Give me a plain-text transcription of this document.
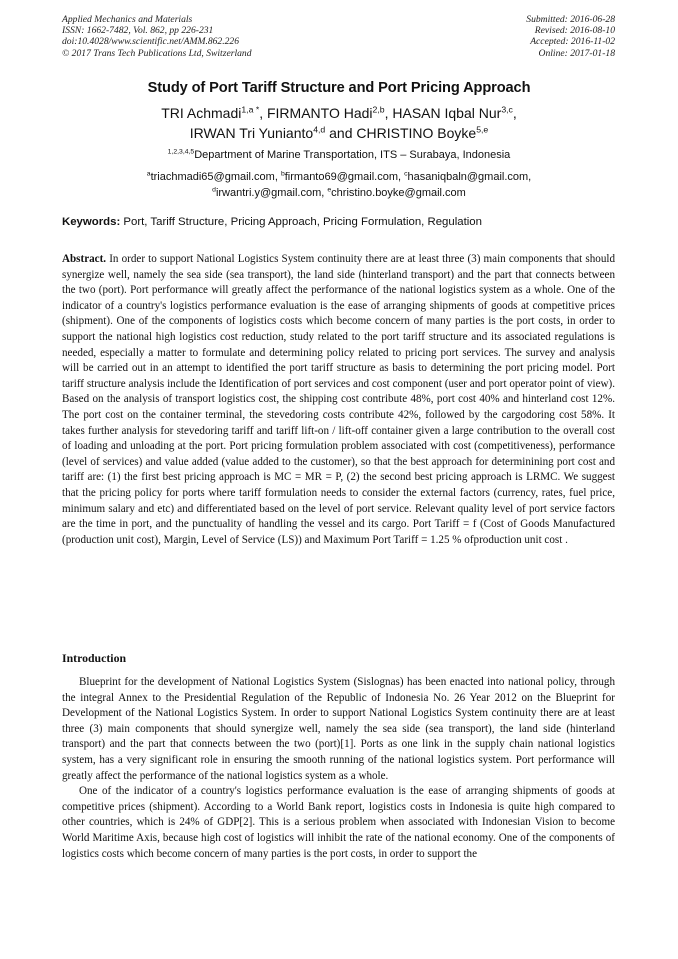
Applied Mechanics and Materials
ISSN: 1662-7482, Vol. 862, pp 226-231
doi:10.4028/www.scientific.net/AMM.862.226
© 2017 Trans Tech Publications Ltd, Switzerland
Submitted: 2016-06-28
Revised: 2016-08-10
Accepted: 2016-11-02
Online: 2017-01-18
Study of Port Tariff Structure and Port Pricing Approach
TRI Achmadi$^{1,a *}$, FIRMANTO Hadi$^{2,b}$, HASAN Iqbal Nur$^{3,c}$,
IRWAN Tri Yunianto$^{4,d}$ and CHRISTINO Boyke$^{5,e}$
$^{1,2,3,4,5}$Department of Marine Transportation, ITS – Surabaya, Indonesia
$^a$triachmadi65@gmail.com, $^b$firmanto69@gmail.com, $^c$hasaniqbaln@gmail.com,
$^d$irwantri.y@gmail.com, $^e$christino.boyke@gmail.com
Keywords: Port, Tariff Structure, Pricing Approach, Pricing Formulation, Regulation
Abstract. In order to support National Logistics System continuity there are at least three (3) main components that should synergize well, namely the sea side (sea transport), the land side (hinterland transport) and the part that connects between the two (port). Port performance will greatly affect the performance of the national logistics system as a whole. One of the indicator of a country's logistics performance evaluation is the ease of arranging shipments of goods at competitive prices (shipment). One of the components of logistics costs which become concern of many parties is the port costs, in order to support the national high logistics cost reduction, study related to the port tariff structure and its associated regulations is needed, especially a matter to formulate and determining policy related to pricing port services. The survey and analysis will be carried out in an attempt to identified the port tariff structure as basis to determining the port pricing model. Port tariff structure analysis include the Identification of port services and cost component (user and port operator point of view). Based on the analysis of transport logistics cost, the shipping cost contribute 48%, port cost 40% and hinterland cost 12%. The port cost on the container terminal, the stevedoring costs contribute 42%, followed by the cargodoring cost 58%. It takes further analysis for stevedoring tariff and tariff lift-on / lift-off container given a large contribution to the overall cost of loading and unloading at the port. Port pricing formulation problem associated with cost (competitiveness), performance (level of services) and value added (value added to the customer), so that the best approach for determinining port cost and tariff are: (1) the first best pricing approach is MC = MR = P, (2) the second best pricing approach is LRMC. We suggest that the pricing policy for ports where tariff formulation needs to consider the external factors (currency, rates, fuel price, minimum salary and etc) and differentiated based on the level of port service. Relevant quality level of port service factors are the time in port, and the punctuality of handling the vessel and its cargo. Port Tariff = f (Cost of Goods Manufactured (production unit cost), Margin, Level of Service (LS)) and Maximum Port Tariff = 1.25 % ofproduction unit cost .
Introduction

Blueprint for the development of National Logistics System (Sislognas) has been enacted into national policy, through the integral Annex to the Presidential Regulation of the Republic of Indonesia No. 26 Year 2012 on the Blueprint for Development of the National Logistics System. In order to support National Logistics System continuity there are at least three (3) main components that should synergize well, namely the sea side (sea transport), the land side (hinterland transport) and the part that connects between the two (port)[1]. Ports as one link in the supply chain national logistics system, has a very significant role in ensuring the smooth running of the national logistics system. Port performance will greatly affect the performance of the national logistics system as a whole.

One of the indicator of a country's logistics performance evaluation is the ease of arranging shipments of goods at competitive prices (shipment). According to a World Bank report, logistics costs in Indonesia is quite high compared to other countries, which is 24% of GDP[2]. This is a serious problem when associated with Indonesian Vision to become World Maritime Axis, because high cost of logistics will inhibit the rate of the national economy. One of the components of logistics costs which become concern of many parties is the port costs, in order to support the
